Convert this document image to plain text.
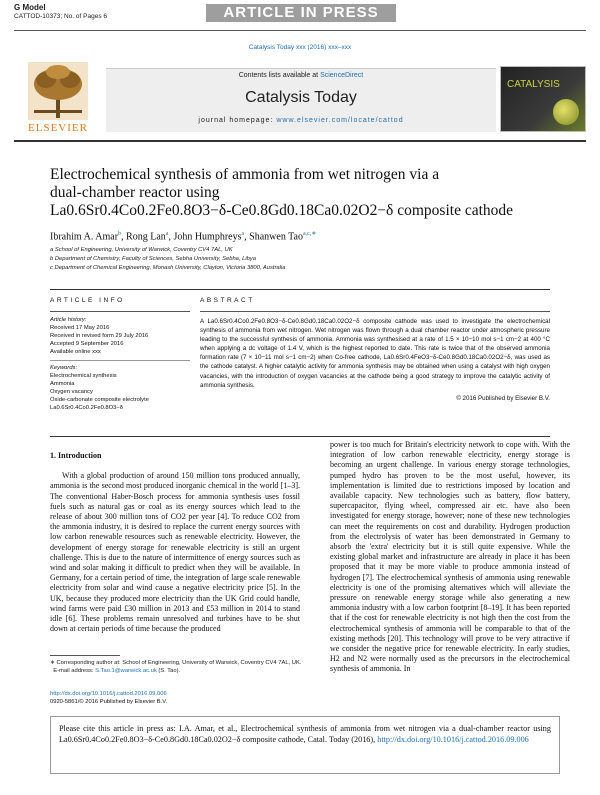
G Model
CATTOD-10373; No. of Pages 6	ARTICLE IN PRESS
Catalysis Today xxx (2016) xxx–xxx
ELSEVIER
Contents lists available at ScienceDirect
Catalysis Today
journal homepage: www.elsevier.com/locate/cattod
CATALYSIS
Electrochemical synthesis of ammonia from wet nitrogen via a
dual-chamber reactor using
La0.6Sr0.4Co0.2Fe0.8O3−δ-Ce0.8Gd0.18Ca0.02O2−δ composite cathode
Ibrahim A. Amar$^b$, Rong Lan$^a$, John Humphreys$^a$, Shanwen Tao$^{a,c,∗}$
a School of Engineering, University of Warwick, Coventry CV4 7AL, UK
b Department of Chemistry, Faculty of Sciences, Sebha University, Sebha, Libya
c Department of Chemical Engineering, Monash University, Clayton, Victoria 3800, Australia
ARTICLE INFO
Article history:
Received 17 May 2016
Received in revised form 29 July 2016
Accepted 9 September 2016
Available online xxx
Keywords:
Electrochemical synthesis
Ammonia
Oxygen vacancy
Oxide-carbonate composite electrolyte
La0.6Sr0.4Co0.2Fe0.8O3−δ
ABSTRACT
A La0.6Sr0.4Co0.2Fe0.8O3−δ-Ce0.8Gd0.18Ca0.02O2−δ composite cathode was used to investigate the electrochemical synthesis of ammonia from wet nitrogen. Wet nitrogen was flown through a dual chamber reactor under atmospheric pressure leading to the successful synthesis of ammonia. Ammonia was synthesised at a rate of 1.5 × 10−10 mol s−1 cm−2 at 400 °C when applying a dc voltage of 1.4 V, which is the highest reported to date. This rate is twice that of the observed ammonia formation rate (7 × 10−11 mol s−1 cm−2) when Co-free cathode, La0.6Sr0.4FeO3−δ-Ce0.8Gd0.18Ca0.02O2−δ, was used as the cathode catalyst. A higher catalytic activity for ammonia synthesis may be obtained when using a catalyst with high oxygen vacancies, with the introduction of oxygen vacancies at the cathode being a good strategy to improve the catalytic activity of ammonia synthesis.
© 2016 Published by Elsevier B.V.
1. Introduction
With a global production of around 150 million tons produced annually, ammonia is the second most produced inorganic chemical in the world [1–3]. The conventional Haber-Bosch process for ammonia synthesis uses fossil fuels such as natural gas or coal as its energy sources which lead to the release of about 300 million tons of CO2 per year [4]. To reduce CO2 from the ammonia industry, it is desired to replace the current energy sources with low carbon renewable resources such as renewable electricity. However, the development of energy storage for renewable electricity is still an urgent challenge. This is due to the nature of intermittence of energy sources such as wind and solar making it difficult to predict when they will be available. In Germany, for a certain period of time, the integration of large scale renewable electricity from solar and wind cause a negative electricity price [5]. In the UK, because they produced more electricity than the UK Grid could handle, wind farms were paid £30 million in 2013 and £53 million in 2014 to stand idle [6]. These problems remain unresolved and turbines have to be shut down at certain periods of time because the produced
power is too much for Britain's electricity network to cope with. With the integration of low carbon renewable electricity, energy storage is becoming an urgent challenge. In various energy storage technologies, pumped hydro has proven to be the most useful, however, its implementation is limited due to restrictions imposed by location and available capacity. New technologies such as battery, flow battery, supercapacitor, flying wheel, compressed air etc. have also been investigated for energy storage, however; none of these new technologies can meet the requirements on cost and durability. Hydrogen production from the electrolysis of water has been demonstrated in Germany to absorb the 'extra' electricity but it is still quite expensive. While the existing global market and infrastructure are already in place it has been proposed that it may be more viable to produce ammonia instead of hydrogen [7]. The electrochemical synthesis of ammonia using renewable electricity is one of the promising alternatives which will alleviate the pressure on renewable energy storage while also generating a new ammonia industry with a low carbon footprint [8–19]. It has been reported that if the cost for renewable electricity is not high then the cost from the electrochemical synthesis of ammonia will be comparable to that of the existing methods [20]. This technology will prove to be very attractive if we consider the negative price for renewable electricity. In early studies, H2 and N2 were normally used as the precursors in the electrochemical synthesis of ammonia. In
∗ Corresponding author at: School of Engineering, University of Warwick, Coventry CV4 7AL, UK.
E-mail address: S.Tao.1@warwick.ac.uk (S. Tao).
http://dx.doi.org/10.1016/j.cattod.2016.09.006
0920-5861/© 2016 Published by Elsevier B.V.
Please cite this article in press as: I.A. Amar, et al., Electrochemical synthesis of ammonia from wet nitrogen via a dual-chamber reactor using La0.6Sr0.4Co0.2Fe0.8O3−δ-Ce0.8Gd0.18Ca0.02O2−δ composite cathode, Catal. Today (2016), http://dx.doi.org/10.1016/j.cattod.2016.09.006
